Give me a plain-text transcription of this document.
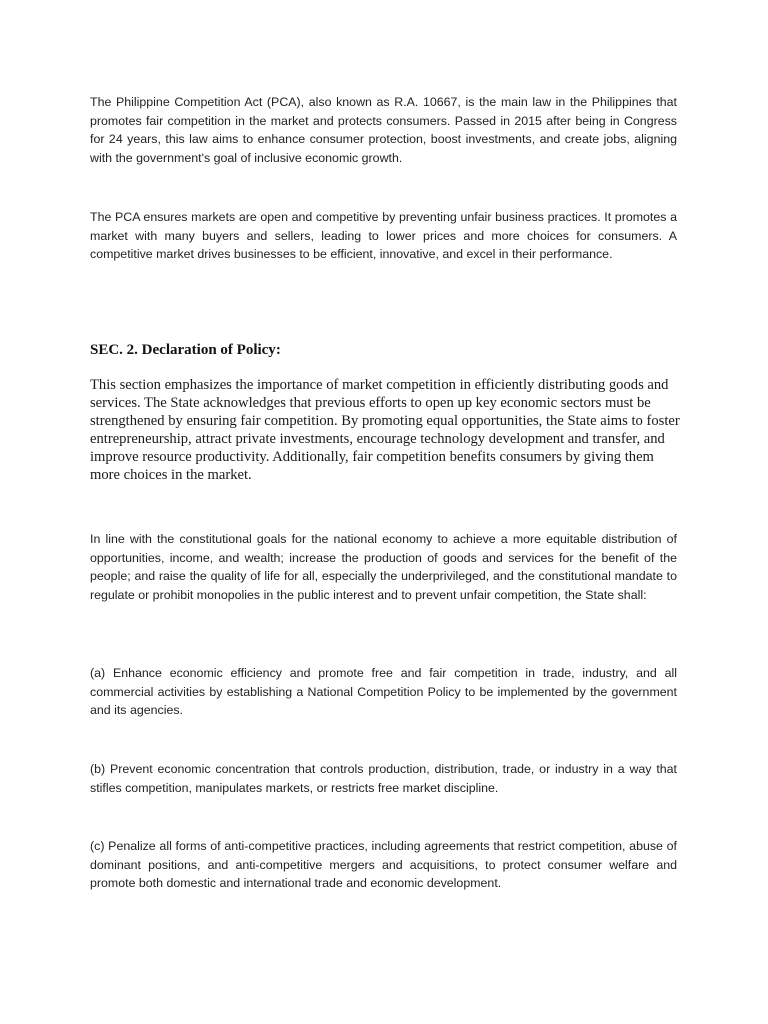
The Philippine Competition Act (PCA), also known as R.A. 10667, is the main law in the Philippines that promotes fair competition in the market and protects consumers. Passed in 2015 after being in Congress for 24 years, this law aims to enhance consumer protection, boost investments, and create jobs, aligning with the government's goal of inclusive economic growth.

The PCA ensures markets are open and competitive by preventing unfair business practices. It promotes a market with many buyers and sellers, leading to lower prices and more choices for consumers. A competitive market drives businesses to be efficient, innovative, and excel in their performance.

SEC. 2. Declaration of Policy:

This section emphasizes the importance of market competition in efficiently distributing goods and services. The State acknowledges that previous efforts to open up key economic sectors must be strengthened by ensuring fair competition. By promoting equal opportunities, the State aims to foster entrepreneurship, attract private investments, encourage technology development and transfer, and improve resource productivity. Additionally, fair competition benefits consumers by giving them more choices in the market.

In line with the constitutional goals for the national economy to achieve a more equitable distribution of opportunities, income, and wealth; increase the production of goods and services for the benefit of the people; and raise the quality of life for all, especially the underprivileged, and the constitutional mandate to regulate or prohibit monopolies in the public interest and to prevent unfair competition, the State shall:

(a) Enhance economic efficiency and promote free and fair competition in trade, industry, and all commercial activities by establishing a National Competition Policy to be implemented by the government and its agencies.

(b) Prevent economic concentration that controls production, distribution, trade, or industry in a way that stifles competition, manipulates markets, or restricts free market discipline.

(c) Penalize all forms of anti-competitive practices, including agreements that restrict competition, abuse of dominant positions, and anti-competitive mergers and acquisitions, to protect consumer welfare and promote both domestic and international trade and economic development.
